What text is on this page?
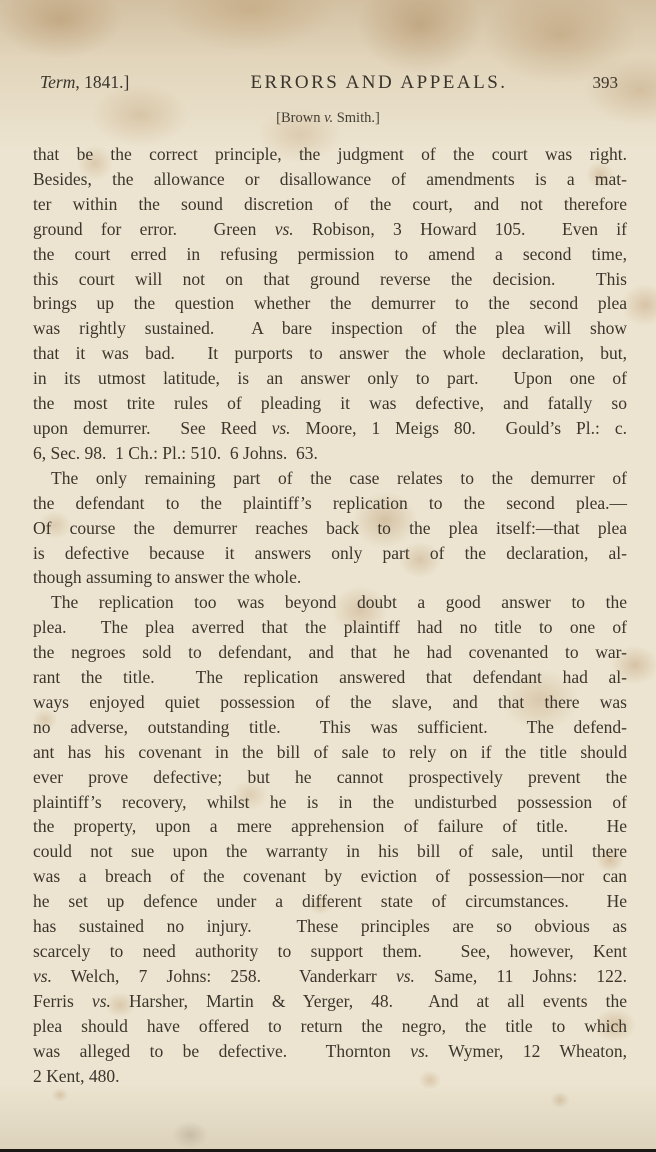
Term, 1841.]	ERRORS AND APPEALS.	393
[Brown v. Smith.]
that be the correct principle, the judgment of the court was right.
Besides, the allowance or disallowance of amendments is a mat-
ter within the sound discretion of the court, and not therefore
ground for error.  Green vs. Robison, 3 Howard 105.  Even if
the court erred in refusing permission to amend a second time,
this court will not on that ground reverse the decision.  This
brings up the question whether the demurrer to the second plea
was rightly sustained.  A bare inspection of the plea will show
that it was bad.  It purports to answer the whole declaration, but,
in its utmost latitude, is an answer only to part.  Upon one of
the most trite rules of pleading it was defective, and fatally so
upon demurrer.  See Reed vs. Moore, 1 Meigs 80.  Gould’s Pl.: c.
6, Sec. 98.  1 Ch.: Pl.: 510.  6 Johns.  63.
The only remaining part of the case relates to the demurrer of
the defendant to the plaintiff’s replication to the second plea.—
Of course the demurrer reaches back to the plea itself:—that plea
is defective because it answers only part of the declaration, al-
though assuming to answer the whole.
The replication too was beyond doubt a good answer to the
plea.  The plea averred that the plaintiff had no title to one of
the negroes sold to defendant, and that he had covenanted to war-
rant the title.  The replication answered that defendant had al-
ways enjoyed quiet possession of the slave, and that there was
no adverse, outstanding title.  This was sufficient.  The defend-
ant has his covenant in the bill of sale to rely on if the title should
ever prove defective; but he cannot prospectively prevent the
plaintiff’s recovery, whilst he is in the undisturbed possession of
the property, upon a mere apprehension of failure of title.  He
could not sue upon the warranty in his bill of sale, until there
was a breach of the covenant by eviction of possession—nor can
he set up defence under a different state of circumstances.  He
has sustained no injury.  These principles are so obvious as
scarcely to need authority to support them.  See, however, Kent
vs. Welch, 7 Johns: 258.  Vanderkarr vs. Same, 11 Johns: 122.
Ferris vs. Harsher, Martin & Yerger, 48.  And at all events the
plea should have offered to return the negro, the title to which
was alleged to be defective.  Thornton vs. Wymer, 12 Wheaton,
2 Kent, 480.
